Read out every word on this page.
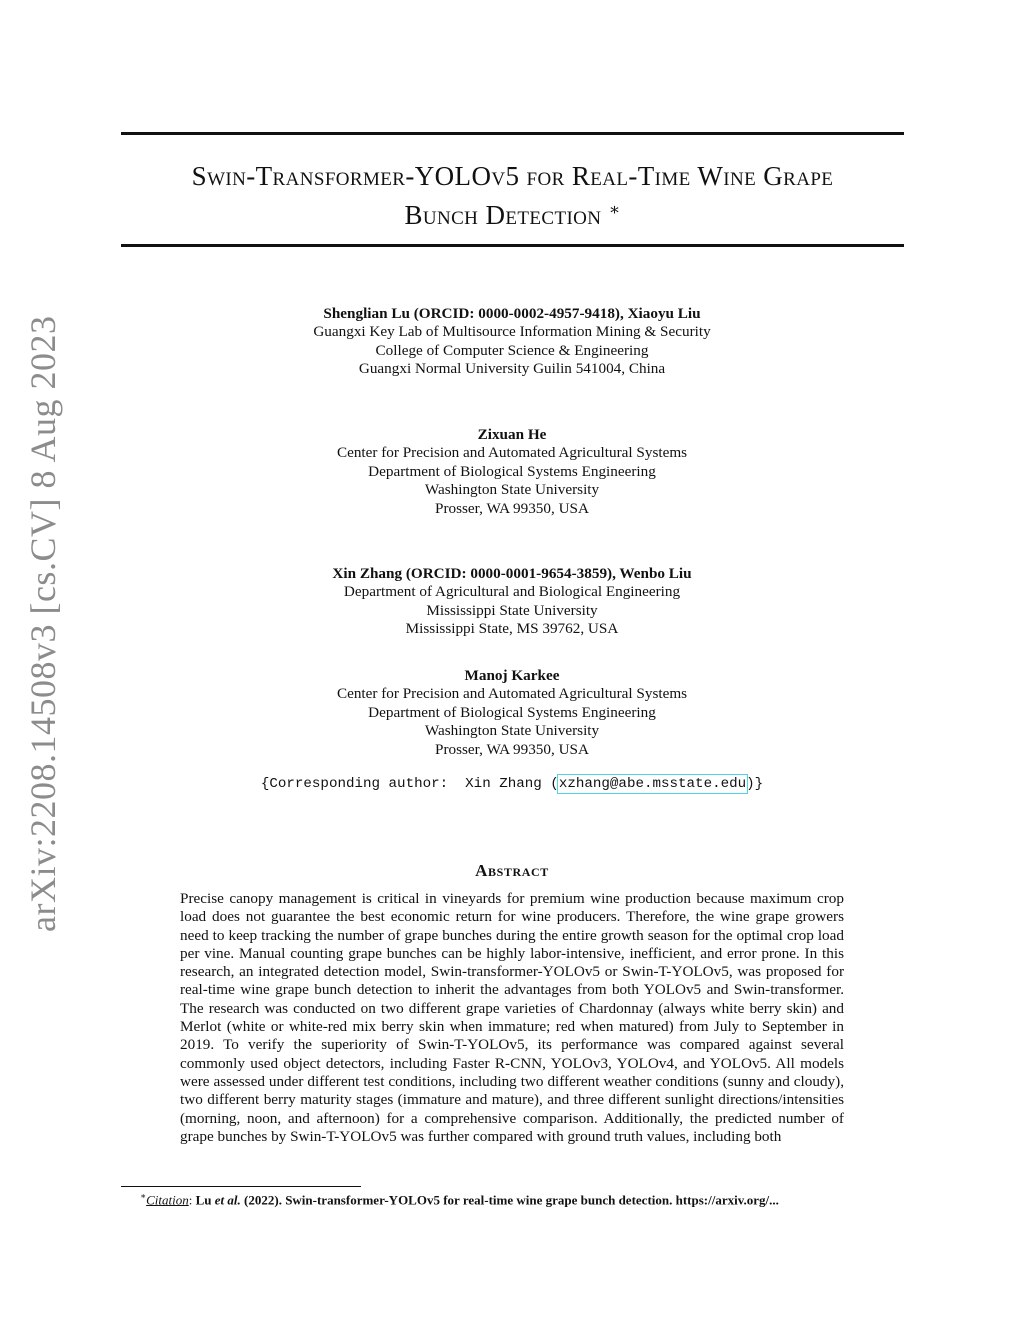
arXiv:2208.14508v3 [cs.CV] 8 Aug 2023
Swin-Transformer-YOLOv5 for Real-Time Wine Grape
Bunch Detection ∗
Shenglian Lu (ORCID: 0000-0002-4957-9418), Xiaoyu Liu
Guangxi Key Lab of Multisource Information Mining & Security
College of Computer Science & Engineering
Guangxi Normal University Guilin 541004, China
Zixuan He
Center for Precision and Automated Agricultural Systems
Department of Biological Systems Engineering
Washington State University
Prosser, WA 99350, USA
Xin Zhang (ORCID: 0000-0001-9654-3859), Wenbo Liu
Department of Agricultural and Biological Engineering
Mississippi State University
Mississippi State, MS 39762, USA
Manoj Karkee
Center for Precision and Automated Agricultural Systems
Department of Biological Systems Engineering
Washington State University
Prosser, WA 99350, USA
{Corresponding author:  Xin Zhang (xzhang@abe.msstate.edu)}
Abstract
Precise canopy management is critical in vineyards for premium wine production because maximum crop load does not guarantee the best economic return for wine producers. Therefore, the wine grape growers need to keep tracking the number of grape bunches during the entire growth season for the optimal crop load per vine. Manual counting grape bunches can be highly labor-intensive, inefficient, and error prone. In this research, an integrated detection model, Swin-transformer-YOLOv5 or Swin-T-YOLOv5, was proposed for real-time wine grape bunch detection to inherit the advantages from both YOLOv5 and Swin-transformer. The research was conducted on two different grape varieties of Chardonnay (always white berry skin) and Merlot (white or white-red mix berry skin when immature; red when matured) from July to September in 2019. To verify the superiority of Swin-T-YOLOv5, its performance was compared against several commonly used object detectors, including Faster R-CNN, YOLOv3, YOLOv4, and YOLOv5. All models were assessed under different test conditions, including two different weather conditions (sunny and cloudy), two different berry maturity stages (immature and mature), and three different sunlight directions/intensities (morning, noon, and afternoon) for a comprehensive comparison. Additionally, the predicted number of grape bunches by Swin-T-YOLOv5 was further compared with ground truth values, including both
∗Citation: Lu et al. (2022). Swin-transformer-YOLOv5 for real-time wine grape bunch detection. https://arxiv.org/...
